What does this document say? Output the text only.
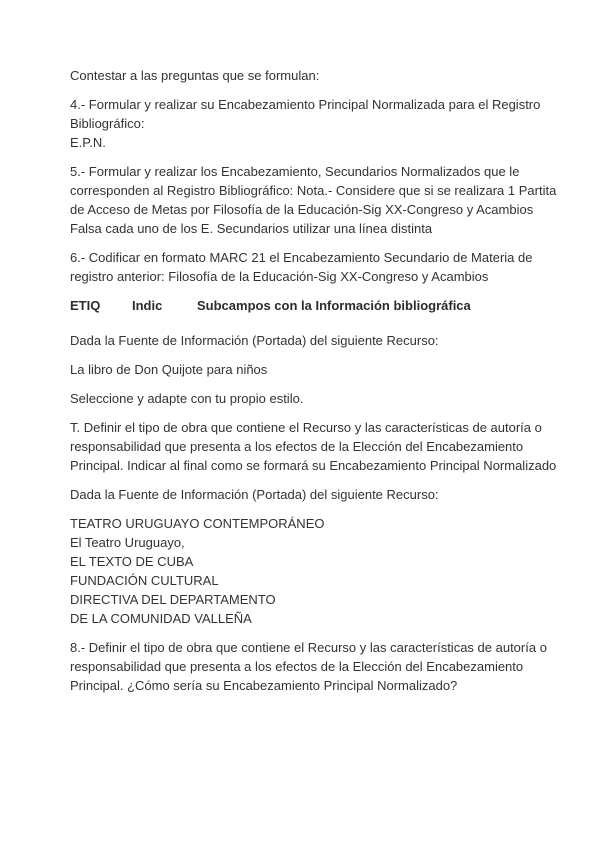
Contestar a las preguntas que se formulan:

4.- Formular y realizar su Encabezamiento Principal Normalizada para el Registro
Bibliográfico:
E.P.N.
5.- Formular y realizar los Encabezamiento, Secundarios Normalizados que le
corresponden al Registro Bibliográfico: Nota.- Considere que si se realizara 1 Partita
de Acceso de Metas por Filosofía de la Educación-Sig XX-Congreso y Acambios
Falsa cada uno de los E. Secundarios utilizar una línea distinta
6.- Codificar en formato MARC 21 el Encabezamiento Secundario de Materia de
registro anterior: Filosofía de la Educación-Sig XX-Congreso y Acambios
ETIQ	Indic	Subcampos con la Información bibliográfica

Dada la Fuente de Información (Portada) del siguiente Recurso:

La libro de Don Quijote para niños

Seleccione y adapte con tu propio estilo.

T. Definir el tipo de obra que contiene el Recurso y las características de autoría o
responsabilidad que presenta a los efectos de la Elección del Encabezamiento
Principal. Indicar al final como se formará su Encabezamiento Principal Normalizado

Dada la Fuente de Información (Portada) del siguiente Recurso:

TEATRO URUGUAYO CONTEMPORÁNEO
El Teatro Uruguayo,
EL TEXTO DE CUBA
FUNDACIÓN CULTURAL
DIRECTIVA DEL DEPARTAMENTO
DE LA COMUNIDAD VALLEÑA
8.- Definir el tipo de obra que contiene el Recurso y las características de autoría o
responsabilidad que presenta a los efectos de la Elección del Encabezamiento
Principal. ¿Cómo sería su Encabezamiento Principal Normalizado?
